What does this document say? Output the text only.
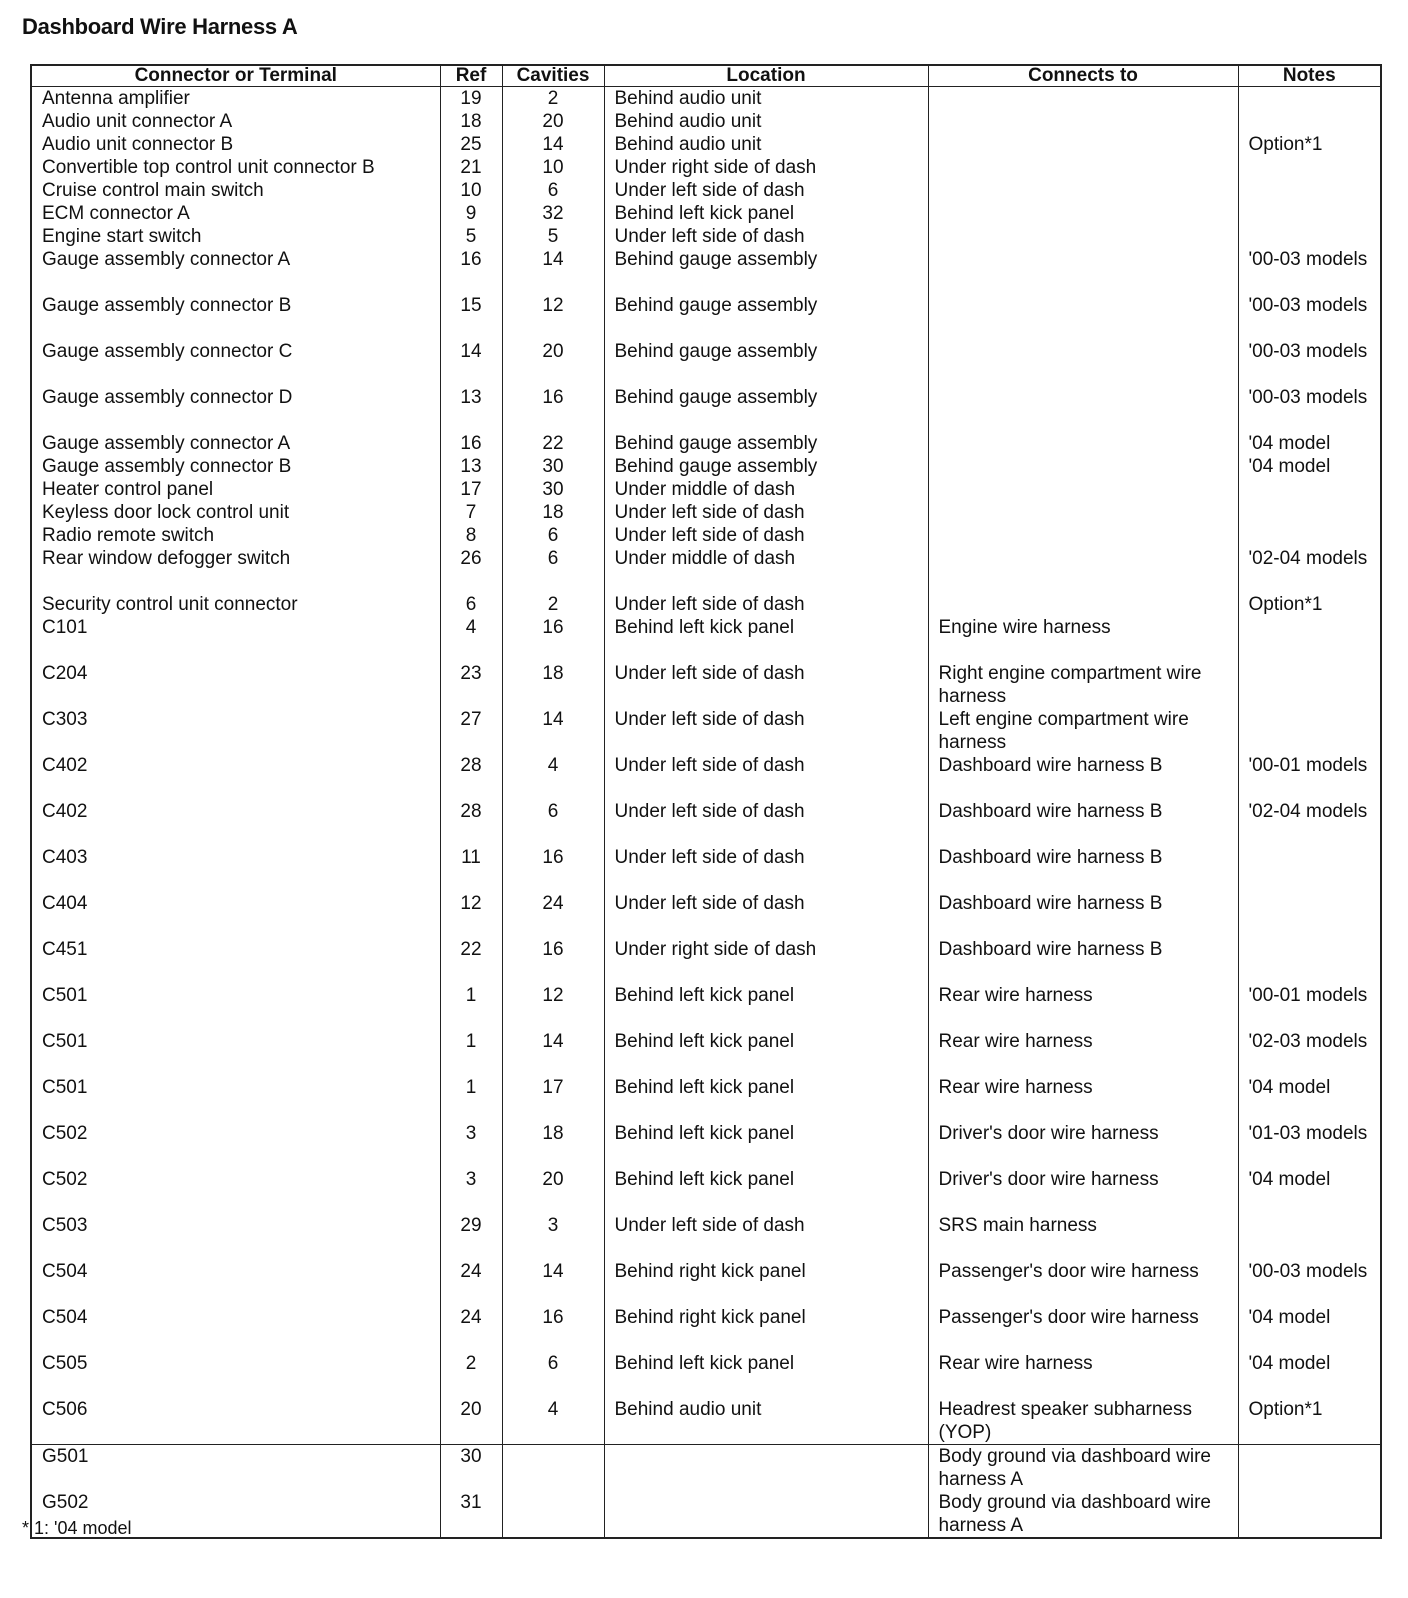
Dashboard Wire Harness A
Connector or Terminal	Ref	Cavities	Location	Connects to	Notes
Antenna amplifier	19	2	Behind audio unit		
Audio unit connector A	18	20	Behind audio unit		
Audio unit connector B	25	14	Behind audio unit		Option*1
Convertible top control unit connector B	21	10	Under right side of dash		
Cruise control main switch	10	6	Under left side of dash		
ECM connector A	9	32	Behind left kick panel		
Engine start switch	5	5	Under left side of dash		
Gauge assembly connector A	16	14	Behind gauge assembly		'00-03 models
Gauge assembly connector B	15	12	Behind gauge assembly		'00-03 models
Gauge assembly connector C	14	20	Behind gauge assembly		'00-03 models
Gauge assembly connector D	13	16	Behind gauge assembly		'00-03 models
Gauge assembly connector A	16	22	Behind gauge assembly		'04 model
Gauge assembly connector B	13	30	Behind gauge assembly		'04 model
Heater control panel	17	30	Under middle of dash		
Keyless door lock control unit	7	18	Under left side of dash		
Radio remote switch	8	6	Under left side of dash		
Rear window defogger switch	26	6	Under middle of dash		'02-04 models
Security control unit connector	6	2	Under left side of dash		Option*1
C101	4	16	Behind left kick panel	Engine wire harness	
C204	23	18	Under left side of dash	Right engine compartment wire harness	
C303	27	14	Under left side of dash	Left engine compartment wire harness	
C402	28	4	Under left side of dash	Dashboard wire harness B	'00-01 models
C402	28	6	Under left side of dash	Dashboard wire harness B	'02-04 models
C403	11	16	Under left side of dash	Dashboard wire harness B	
C404	12	24	Under left side of dash	Dashboard wire harness B	
C451	22	16	Under right side of dash	Dashboard wire harness B	
C501	1	12	Behind left kick panel	Rear wire harness	'00-01 models
C501	1	14	Behind left kick panel	Rear wire harness	'02-03 models
C501	1	17	Behind left kick panel	Rear wire harness	'04 model
C502	3	18	Behind left kick panel	Driver's door wire harness	'01-03 models
C502	3	20	Behind left kick panel	Driver's door wire harness	'04 model
C503	29	3	Under left side of dash	SRS main harness	
C504	24	14	Behind right kick panel	Passenger's door wire harness	'00-03 models
C504	24	16	Behind right kick panel	Passenger's door wire harness	'04 model
C505	2	6	Behind left kick panel	Rear wire harness	'04 model
C506	20	4	Behind audio unit	Headrest speaker subharness (YOP)	Option*1
G501	30			Body ground via dashboard wire harness A	
G502	31			Body ground via dashboard wire harness A	
* 1: '04 model
